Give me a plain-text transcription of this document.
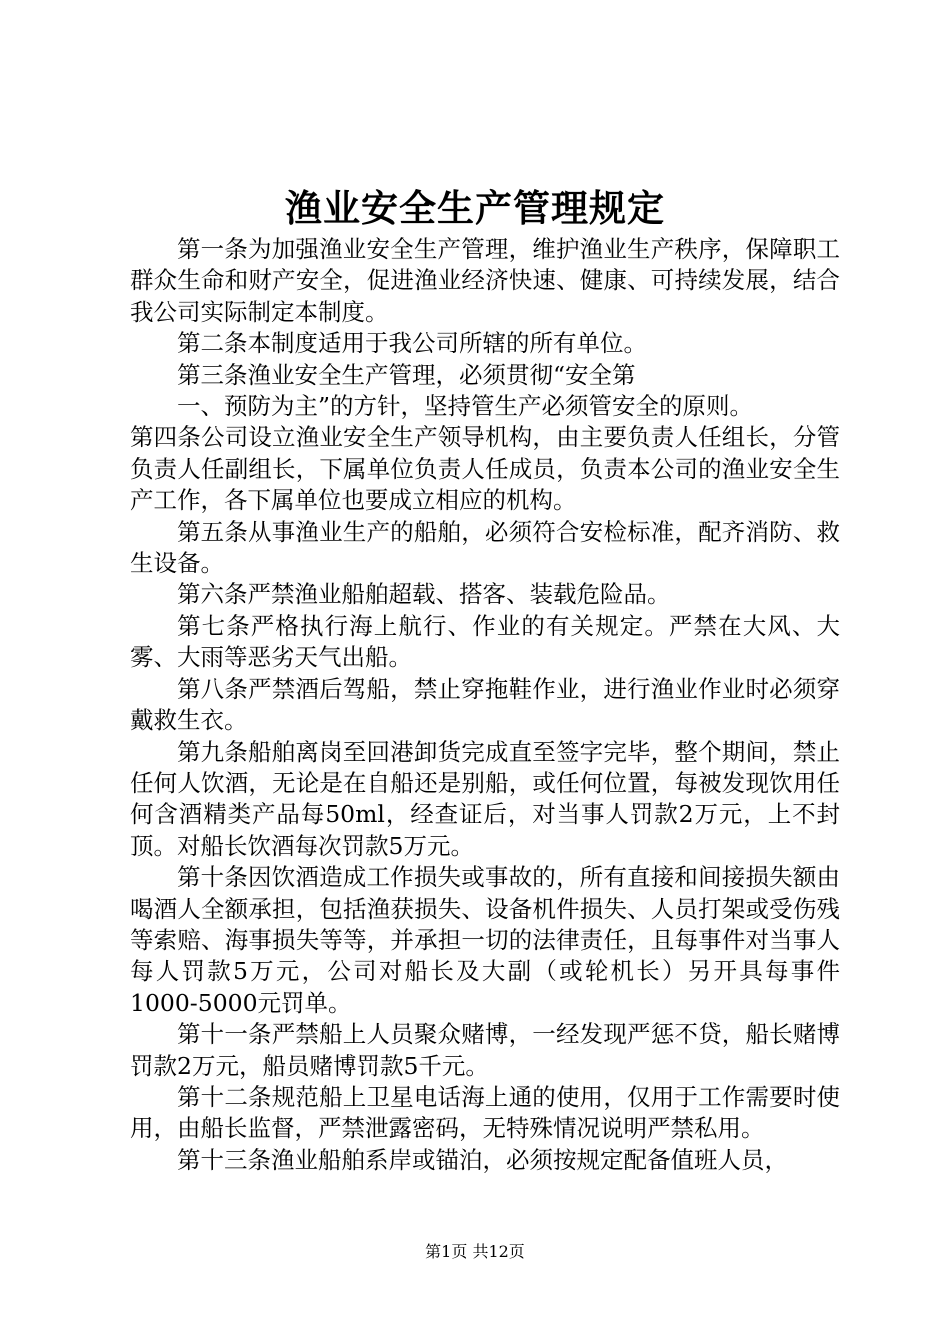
渔业安全生产管理规定

第一条为加强渔业安全生产管理，维护渔业生产秩序，保障职工群众生命和财产安全，促进渔业经济快速、健康、可持续发展，结合我公司实际制定本制度。

第二条本制度适用于我公司所辖的所有单位。

第三条渔业安全生产管理，必须贯彻“安全第

一、预防为主”的方针，坚持管生产必须管安全的原则。

第四条公司设立渔业安全生产领导机构，由主要负责人任组长，分管负责人任副组长，下属单位负责人任成员，负责本公司的渔业安全生产工作，各下属单位也要成立相应的机构。

第五条从事渔业生产的船舶，必须符合安检标准，配齐消防、救生设备。

第六条严禁渔业船舶超载、搭客、装载危险品。

第七条严格执行海上航行、作业的有关规定。严禁在大风、大雾、大雨等恶劣天气出船。

第八条严禁酒后驾船，禁止穿拖鞋作业，进行渔业作业时必须穿戴救生衣。

第九条船舶离岗至回港卸货完成直至签字完毕，整个期间，禁止任何人饮酒，无论是在自船还是别船，或任何位置，每被发现饮用任何含酒精类产品每50ml，经查证后，对当事人罚款2万元，上不封顶。对船长饮酒每次罚款5万元。

第十条因饮酒造成工作损失或事故的，所有直接和间接损失额由喝酒人全额承担，包括渔获损失、设备机件损失、人员打架或受伤残等索赔、海事损失等等，并承担一切的法律责任，且每事件对当事人每人罚款5万元，公司对船长及大副（或轮机长）另开具每事件1000-5000元罚单。

第十一条严禁船上人员聚众赌博，一经发现严惩不贷，船长赌博罚款2万元，船员赌博罚款5千元。

第十二条规范船上卫星电话海上通的使用，仅用于工作需要时使用，由船长监督，严禁泄露密码，无特殊情况说明严禁私用。

第十三条渔业船舶系岸或锚泊，必须按规定配备值班人员，

第1页 共12页
